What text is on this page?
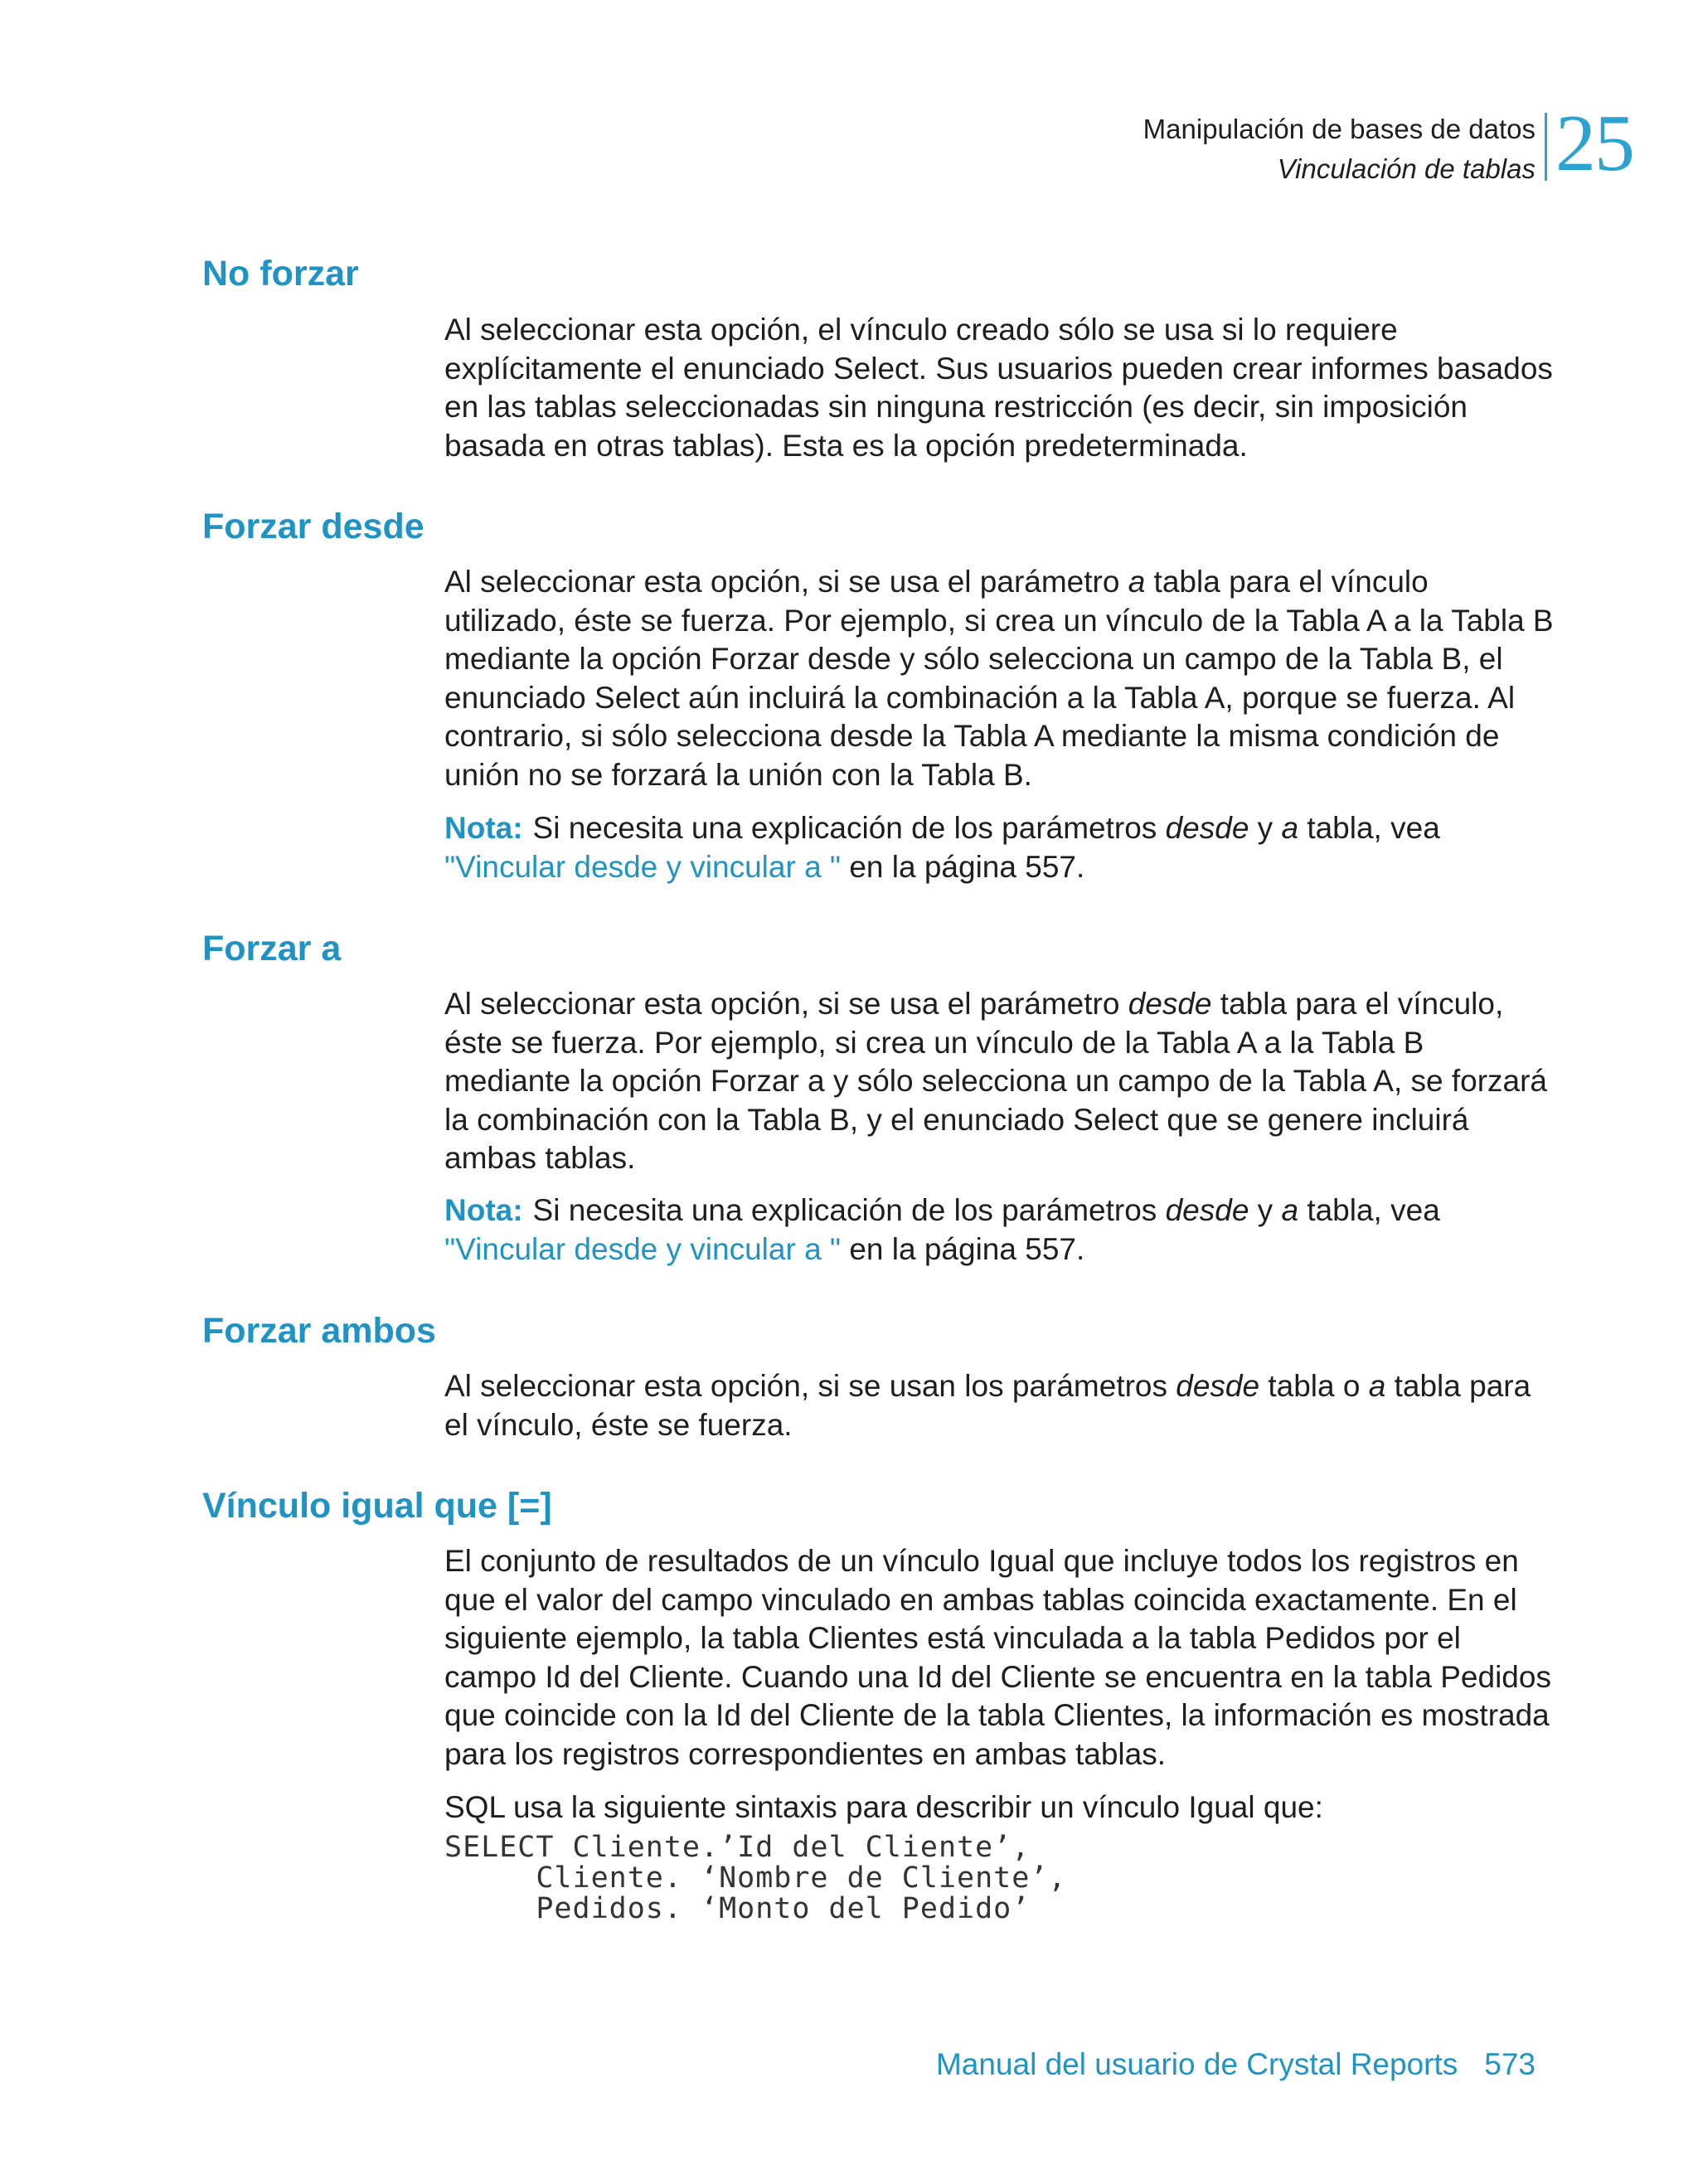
Manipulación de bases de datos
Vinculación de tablas 25
No forzar

Al seleccionar esta opción, el vínculo creado sólo se usa si lo requiere explícitamente el enunciado Select. Sus usuarios pueden crear informes basados en las tablas seleccionadas sin ninguna restricción (es decir, sin imposición basada en otras tablas). Esta es la opción predeterminada.

Forzar desde

Al seleccionar esta opción, si se usa el parámetro a tabla para el vínculo utilizado, éste se fuerza. Por ejemplo, si crea un vínculo de la Tabla A a la Tabla B mediante la opción Forzar desde y sólo selecciona un campo de la Tabla B, el enunciado Select aún incluirá la combinación a la Tabla A, porque se fuerza. Al contrario, si sólo selecciona desde la Tabla A mediante la misma condición de unión no se forzará la unión con la Tabla B.

Nota: Si necesita una explicación de los parámetros desde y a tabla, vea
"Vincular desde y vincular a " en la página 557.

Forzar a

Al seleccionar esta opción, si se usa el parámetro desde tabla para el vínculo, éste se fuerza. Por ejemplo, si crea un vínculo de la Tabla A a la Tabla B mediante la opción Forzar a y sólo selecciona un campo de la Tabla A, se forzará la combinación con la Tabla B, y el enunciado Select que se genere incluirá ambas tablas.

Nota: Si necesita una explicación de los parámetros desde y a tabla, vea
"Vincular desde y vincular a " en la página 557.

Forzar ambos

Al seleccionar esta opción, si se usan los parámetros desde tabla o a tabla para el vínculo, éste se fuerza.

Vínculo igual que [=]

El conjunto de resultados de un vínculo Igual que incluye todos los registros en que el valor del campo vinculado en ambas tablas coincida exactamente. En el siguiente ejemplo, la tabla Clientes está vinculada a la tabla Pedidos por el campo Id del Cliente. Cuando una Id del Cliente se encuentra en la tabla Pedidos que coincide con la Id del Cliente de la tabla Clientes, la información es mostrada para los registros correspondientes en ambas tablas.

SQL usa la siguiente sintaxis para describir un vínculo Igual que:

SELECT Cliente.’Id del Cliente’,
Cliente. ‘Nombre de Cliente’,
Pedidos. ‘Monto del Pedido’
Manual del usuario de Crystal Reports 573
